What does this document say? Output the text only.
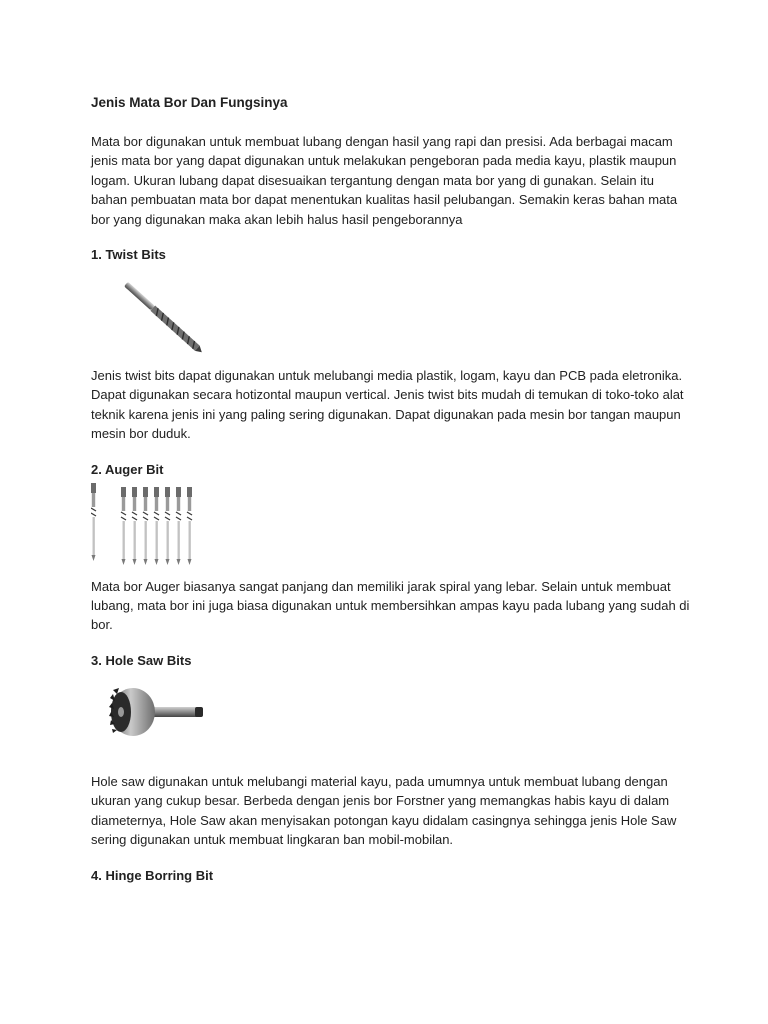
Jenis Mata Bor Dan Fungsinya

Mata bor digunakan untuk membuat lubang dengan hasil yang rapi dan presisi. Ada berbagai macam jenis mata bor yang dapat digunakan untuk melakukan pengeboran pada media kayu, plastik maupun logam. Ukuran lubang dapat disesuaikan tergantung dengan mata bor yang di gunakan. Selain itu bahan pembuatan mata bor dapat menentukan kualitas hasil pelubangan. Semakin keras bahan mata bor yang digunakan maka akan lebih halus hasil pengeborannya

1. Twist Bits

Jenis twist bits dapat digunakan untuk melubangi media plastik, logam, kayu dan PCB pada eletronika. Dapat digunakan secara hotizontal maupun vertical. Jenis twist bits mudah di temukan di toko-toko alat teknik karena jenis ini yang paling sering digunakan. Dapat digunakan pada mesin bor tangan maupun mesin bor duduk.

2. Auger Bit

Mata bor Auger biasanya sangat panjang dan memiliki jarak spiral yang lebar. Selain untuk membuat lubang, mata bor ini juga biasa digunakan untuk membersihkan ampas kayu pada lubang yang sudah di bor.

3. Hole Saw Bits

Hole saw digunakan untuk melubangi material kayu, pada umumnya untuk membuat lubang dengan ukuran yang cukup besar. Berbeda dengan jenis bor Forstner yang memangkas habis kayu di dalam diameternya, Hole Saw akan menyisakan potongan kayu didalam casingnya sehingga jenis Hole Saw sering digunakan untuk membuat lingkaran ban mobil-mobilan.

4. Hinge Borring Bit
